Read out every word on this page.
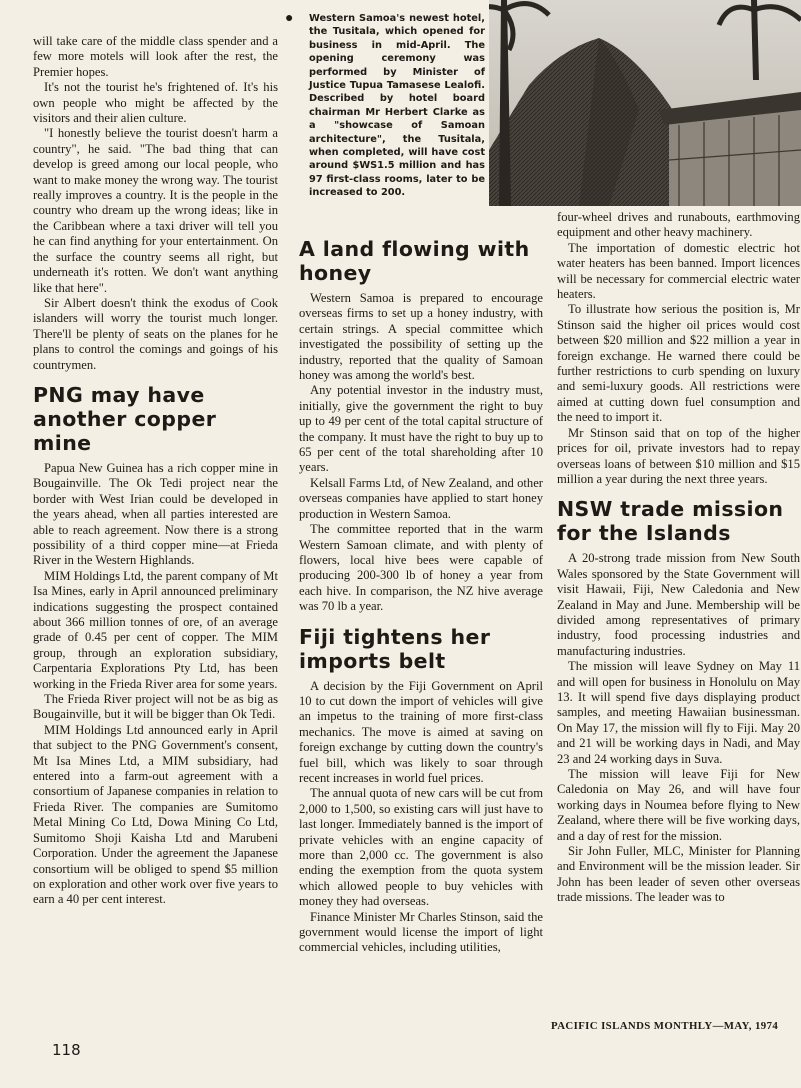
● Western Samoa's newest hotel, the Tusitala, which opened for business in mid-April. The opening ceremony was performed by Minister of Justice Tupua Tamasese Lealofi. Described by hotel board chairman Mr Herbert Clarke as a "showcase of Samoan architecture", the Tusitala, when completed, will have cost around $WS1.5 million and has 97 first-class rooms, later to be increased to 200.

will take care of the middle class spender and a few more motels will look after the rest, the Premier hopes.

It's not the tourist he's frightened of. It's his own people who might be affected by the visitors and their alien culture.

"I honestly believe the tourist doesn't harm a country", he said. "The bad thing that can develop is greed among our local people, who want to make money the wrong way. The tourist really improves a country. It is the people in the country who dream up the wrong ideas; like in the Caribbean where a taxi driver will tell you he can find anything for your entertainment. On the surface the country seems all right, but underneath it's rotten. We don't want anything like that here".

Sir Albert doesn't think the exodus of Cook islanders will worry the tourist much longer. There'll be plenty of seats on the planes for he plans to control the comings and goings of his countrymen.

PNG may have another copper mine

Papua New Guinea has a rich copper mine in Bougainville. The Ok Tedi project near the border with West Irian could be developed in the years ahead, when all parties interested are able to reach agreement. Now there is a strong possibility of a third copper mine—at Frieda River in the Western Highlands.

MIM Holdings Ltd, the parent company of Mt Isa Mines, early in April announced preliminary indications suggesting the prospect contained about 366 million tonnes of ore, of an average grade of 0.45 per cent of copper. The MIM group, through an exploration subsidiary, Carpentaria Explorations Pty Ltd, has been working in the Frieda River area for some years.

The Frieda River project will not be as big as Bougainville, but it will be bigger than Ok Tedi.

MIM Holdings Ltd announced early in April that subject to the PNG Government's consent, Mt Isa Mines Ltd, a MIM subsidiary, had entered into a farm-out agreement with a consortium of Japanese companies in relation to Frieda River. The companies are Sumitomo Metal Mining Co Ltd, Dowa Mining Co Ltd, Sumitomo Shoji Kaisha Ltd and Marubeni Corporation. Under the agreement the Japanese consortium will be obliged to spend $5 million on exploration and other work over five years to earn a 40 per cent interest.

A land flowing with honey

Western Samoa is prepared to encourage overseas firms to set up a honey industry, with certain strings. A special committee which investigated the possibility of setting up the industry, reported that the quality of Samoan honey was among the world's best.

Any potential investor in the industry must, initially, give the government the right to buy up to 49 per cent of the total capital structure of the company. It must have the right to buy up to 65 per cent of the total shareholding after 10 years.

Kelsall Farms Ltd, of New Zealand, and other overseas companies have applied to start honey production in Western Samoa.

The committee reported that in the warm Western Samoan climate, and with plenty of flowers, local hive bees were capable of producing 200-300 lb of honey a year from each hive. In comparison, the NZ hive average was 70 lb a year.

Fiji tightens her imports belt

A decision by the Fiji Government on April 10 to cut down the import of vehicles will give an impetus to the training of more first-class mechanics. The move is aimed at saving on foreign exchange by cutting down the country's fuel bill, which was likely to soar through recent increases in world fuel prices.

The annual quota of new cars will be cut from 2,000 to 1,500, so existing cars will just have to last longer. Immediately banned is the import of private vehicles with an engine capacity of more than 2,000 cc. The government is also ending the exemption from the quota system which allowed people to buy vehicles with money they had overseas.

Finance Minister Mr Charles Stinson, said the government would license the import of light commercial vehicles, including utilities,

four-wheel drives and runabouts, earthmoving equipment and other heavy machinery.

The importation of domestic electric hot water heaters has been banned. Import licences will be necessary for commercial electric water heaters.

To illustrate how serious the position is, Mr Stinson said the higher oil prices would cost between $20 million and $22 million a year in foreign exchange. He warned there could be further restrictions to curb spending on luxury and semi-luxury goods. All restrictions were aimed at cutting down fuel consumption and the need to import it.

Mr Stinson said that on top of the higher prices for oil, private investors had to repay overseas loans of between $10 million and $15 million a year during the next three years.

NSW trade mission for the Islands

A 20-strong trade mission from New South Wales sponsored by the State Government will visit Hawaii, Fiji, New Caledonia and New Zealand in May and June. Membership will be divided among representatives of primary industry, food processing industries and manufacturing industries.

The mission will leave Sydney on May 11 and will open for business in Honolulu on May 13. It will spend five days displaying product samples, and meeting Hawaiian businessman. On May 17, the mission will fly to Fiji. May 20 and 21 will be working days in Nadi, and May 23 and 24 working days in Suva.

The mission will leave Fiji for New Caledonia on May 26, and will have four working days in Noumea before flying to New Zealand, where there will be five working days, and a day of rest for the mission.

Sir John Fuller, MLC, Minister for Planning and Environment will be the mission leader. Sir John has been leader of seven other overseas trade missions. The leader was to

PACIFIC ISLANDS MONTHLY—MAY, 1974
118
